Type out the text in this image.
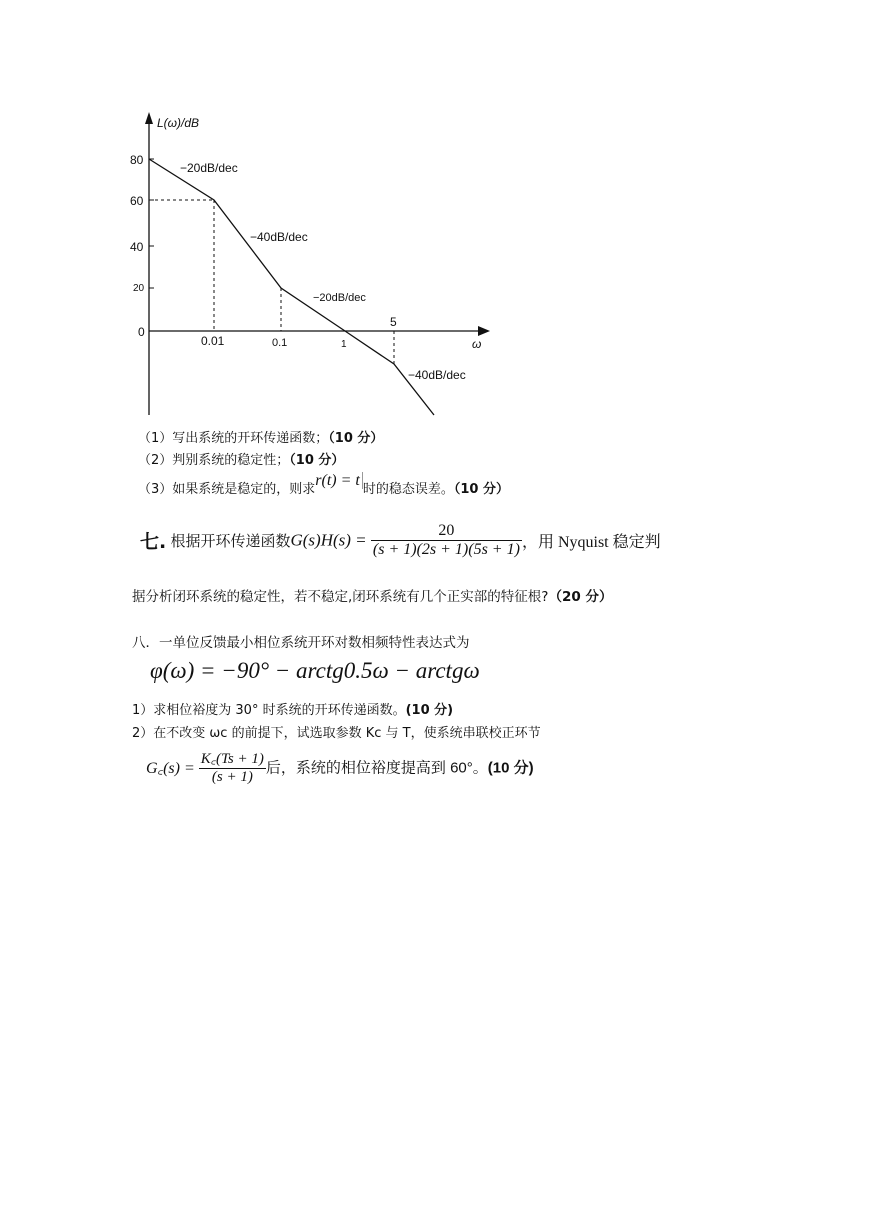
L(ω)/dB
ω
80
60
40
20
0
0.01	0.1	1
5
−20dB/dec
−40dB/dec
−20dB/dec
−40dB/dec
（1）写出系统的开环传递函数；（10 分）
（2）判别系统的稳定性；（10 分）
（3）如果系统是稳定的，则求r(t) = t时的稳态误差。（10 分）
七. 根据开环传递函数$G(s)H(s) = \frac{20}{(s + 1)(2s + 1)(5s + 1)}$ ，用 Nyquist 稳定判
据分析闭环系统的稳定性，若不稳定,闭环系统有几个正实部的特征根?（20 分）
八．一单位反馈最小相位系统开环对数相频特性表达式为
φ(ω) = −90° − arctg0.5ω − arctgω
1）求相位裕度为 30° 时系统的开环传递函数。(10 分)
2）在不改变 ωc 的前提下，试选取参数 Kc 与 T，使系统串联校正环节
G꜀(s) = $\frac{K꜀(Ts + 1)}{(s + 1)}$ 后，系统的相位裕度提高到 60°。(10 分)
